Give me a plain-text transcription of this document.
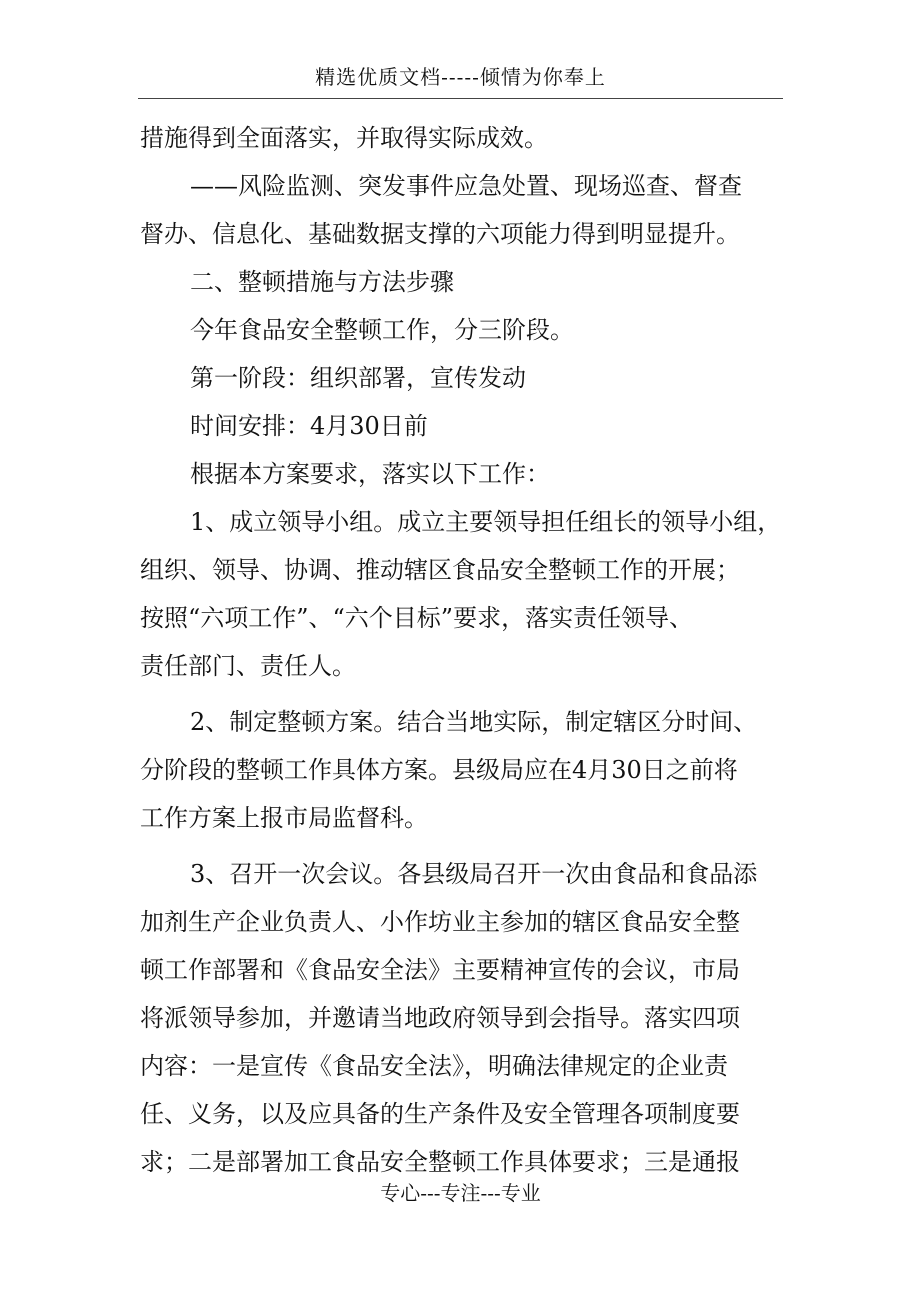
精选优质文档-----倾情为你奉上
措施得到全面落实，并取得实际成效。
——风险监测、突发事件应急处置、现场巡查、督查
督办、信息化、基础数据支撑的六项能力得到明显提升。
二、整顿措施与方法步骤
今年食品安全整顿工作，分三阶段。
第一阶段：组织部署，宣传发动
时间安排：4月30日前
根据本方案要求，落实以下工作：
1、成立领导小组。成立主要领导担任组长的领导小组，
组织、领导、协调、推动辖区食品安全整顿工作的开展；
按照“六项工作”、“六个目标”要求，落实责任领导、
责任部门、责任人。
2、制定整顿方案。结合当地实际，制定辖区分时间、
分阶段的整顿工作具体方案。县级局应在4月30日之前将
工作方案上报市局监督科。
3、召开一次会议。各县级局召开一次由食品和食品添
加剂生产企业负责人、小作坊业主参加的辖区食品安全整
顿工作部署和《食品安全法》主要精神宣传的会议，市局
将派领导参加，并邀请当地政府领导到会指导。落实四项
内容：一是宣传《食品安全法》，明确法律规定的企业责
任、义务，以及应具备的生产条件及安全管理各项制度要
求；二是部署加工食品安全整顿工作具体要求；三是通报
专心---专注---专业
